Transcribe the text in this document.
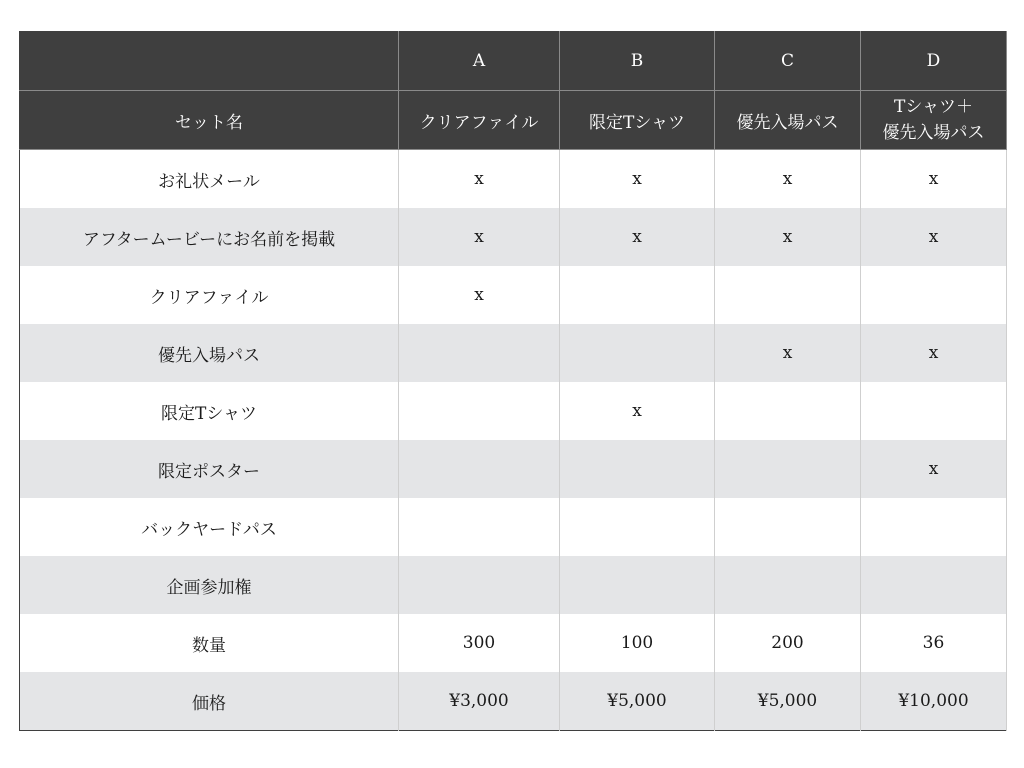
	A	B	C	D
セット名	クリアファイル	限定Tシャツ	優先入場パス	Tシャツ＋
優先入場パス
お礼状メール	x	x	x	x
アフタームービーにお名前を掲載	x	x	x	x
クリアファイル	x			
優先入場パス			x	x
限定Tシャツ		x		
限定ポスター				x
バックヤードパス				
企画参加権				
数量	300	100	200	36
価格	¥3,000	¥5,000	¥5,000	¥10,000
